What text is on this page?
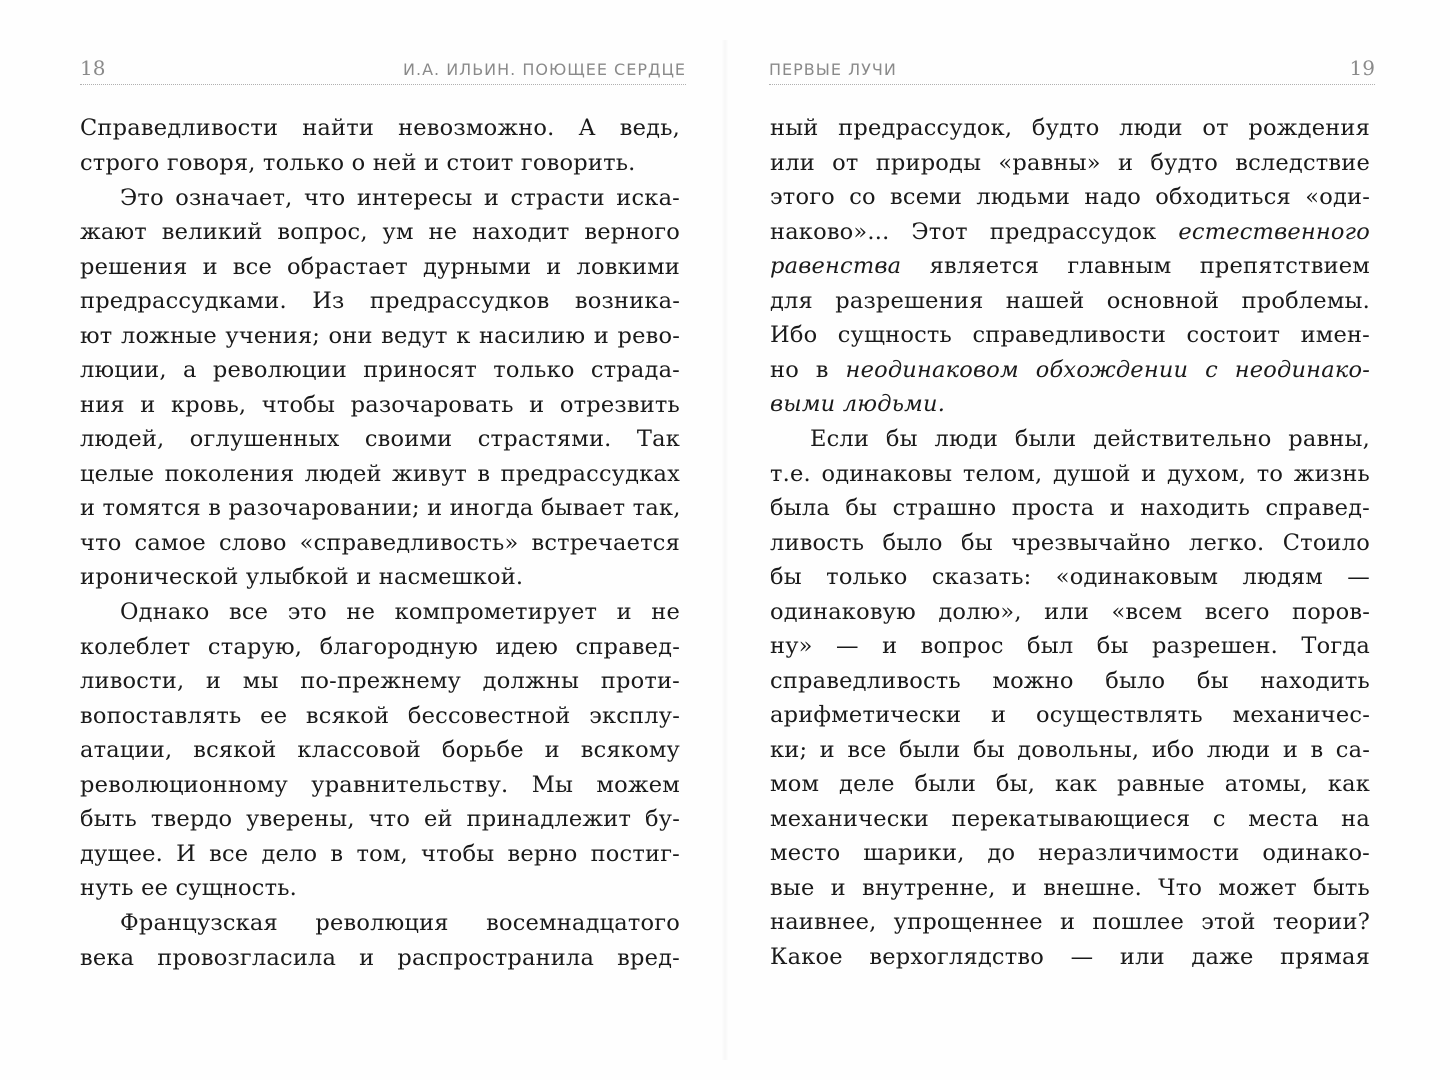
18	И.А. ИЛЬИН. ПОЮЩЕЕ СЕРДЦЕ
Справедливости найти невозможно. А ведь,
строго говоря, только о ней и стоит говорить.
Это означает, что интересы и страсти иска-
жают великий вопрос, ум не находит верного
решения и все обрастает дурными и ловкими
предрассудками. Из предрассудков возника-
ют ложные учения; они ведут к насилию и рево-
люции, а революции приносят только страда-
ния и кровь, чтобы разочаровать и отрезвить
людей, оглушенных своими страстями. Так
целые поколения людей живут в предрассудках
и томятся в разочаровании; и иногда бывает так,
что самое слово «справедливость» встречается
иронической улыбкой и насмешкой.
Однако все это не компрометирует и не
колеблет старую, благородную идею справед-
ливости, и мы по-прежнему должны проти-
вопоставлять ее всякой бессовестной эксплу-
атации, всякой классовой борьбе и всякому
революционному уравнительству. Мы можем
быть твердо уверены, что ей принадлежит бу-
дущее. И все дело в том, чтобы верно постиг-
нуть ее сущность.
Французская революция восемнадцатого
века провозгласила и распространила вред-
ПЕРВЫЕ ЛУЧИ	19
ный предрассудок, будто люди от рождения
или от природы «равны» и будто вследствие
этого со всеми людьми надо обходиться «оди-
наково»... Этот предрассудок естественного
равенства является главным препятствием
для разрешения нашей основной проблемы.
Ибо сущность справедливости состоит имен-
но в неодинаковом обхождении с неодинако-
выми людьми.
Если бы люди были действительно равны,
т.е. одинаковы телом, душой и духом, то жизнь
была бы страшно проста и находить справед-
ливость было бы чрезвычайно легко. Стоило
бы только сказать: «одинаковым людям —
одинаковую долю», или «всем всего поров-
ну» — и вопрос был бы разрешен. Тогда
справедливость можно было бы находить
арифметически и осуществлять механичес-
ки; и все были бы довольны, ибо люди и в са-
мом деле были бы, как равные атомы, как
механически перекатывающиеся с места на
место шарики, до неразличимости одинако-
вые и внутренне, и внешне. Что может быть
наивнее, упрощеннее и пошлее этой теории?
Какое верхоглядство — или даже прямая
